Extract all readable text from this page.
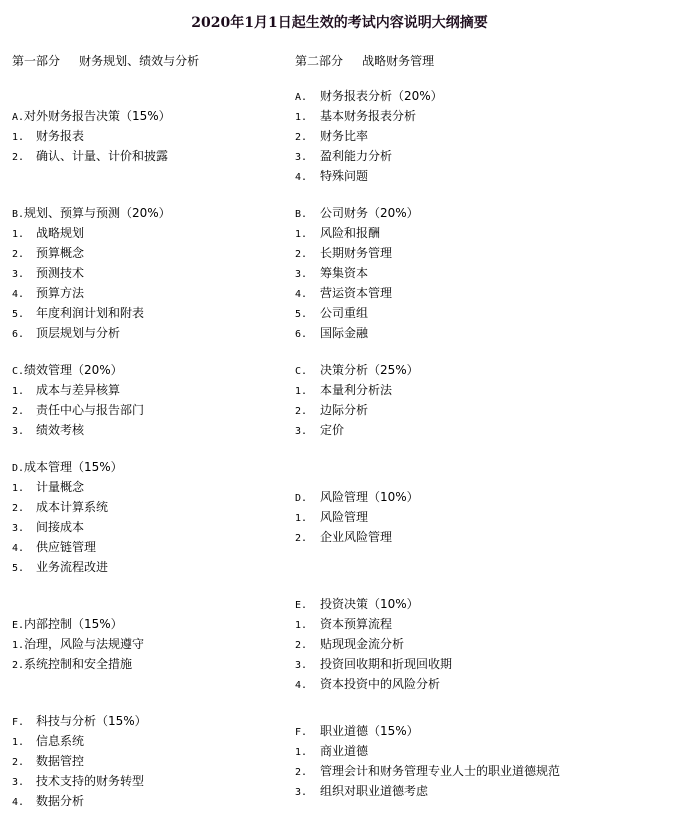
2020年1月1日起生效的考试内容说明大纲摘要
第一部分     财务规划、绩效与分析
A.对外财务报告决策（15%）
1. 财务报表
2. 确认、计量、计价和披露
B.规划、预算与预测（20%）
1. 战略规划
2. 预算概念
3. 预测技术
4. 预算方法
5. 年度利润计划和附表
6. 顶层规划与分析
C.绩效管理（20%）
1. 成本与差异核算
2. 责任中心与报告部门
3. 绩效考核
D.成本管理（15%）
1. 计量概念
2. 成本计算系统
3. 间接成本
4. 供应链管理
5. 业务流程改进
E.内部控制（15%）
1.治理，风险与法规遵守
2.系统控制和安全措施
F. 科技与分析（15%）
1. 信息系统
2. 数据管控
3. 技术支持的财务转型
4. 数据分析
第二部分     战略财务管理
A. 财务报表分析（20%）
1. 基本财务报表分析
2. 财务比率
3. 盈利能力分析
4. 特殊问题
B. 公司财务（20%）
1. 风险和报酬
2. 长期财务管理
3. 筹集资本
4. 营运资本管理
5. 公司重组
6. 国际金融
C. 决策分析（25%）
1. 本量利分析法
2. 边际分析
3. 定价
D. 风险管理（10%）
1. 风险管理
2. 企业风险管理
E. 投资决策（10%）
1. 资本预算流程
2. 贴现现金流分析
3. 投资回收期和折现回收期
4. 资本投资中的风险分析
F. 职业道德（15%）
1. 商业道德
2. 管理会计和财务管理专业人士的职业道德规范
3. 组织对职业道德考虑
